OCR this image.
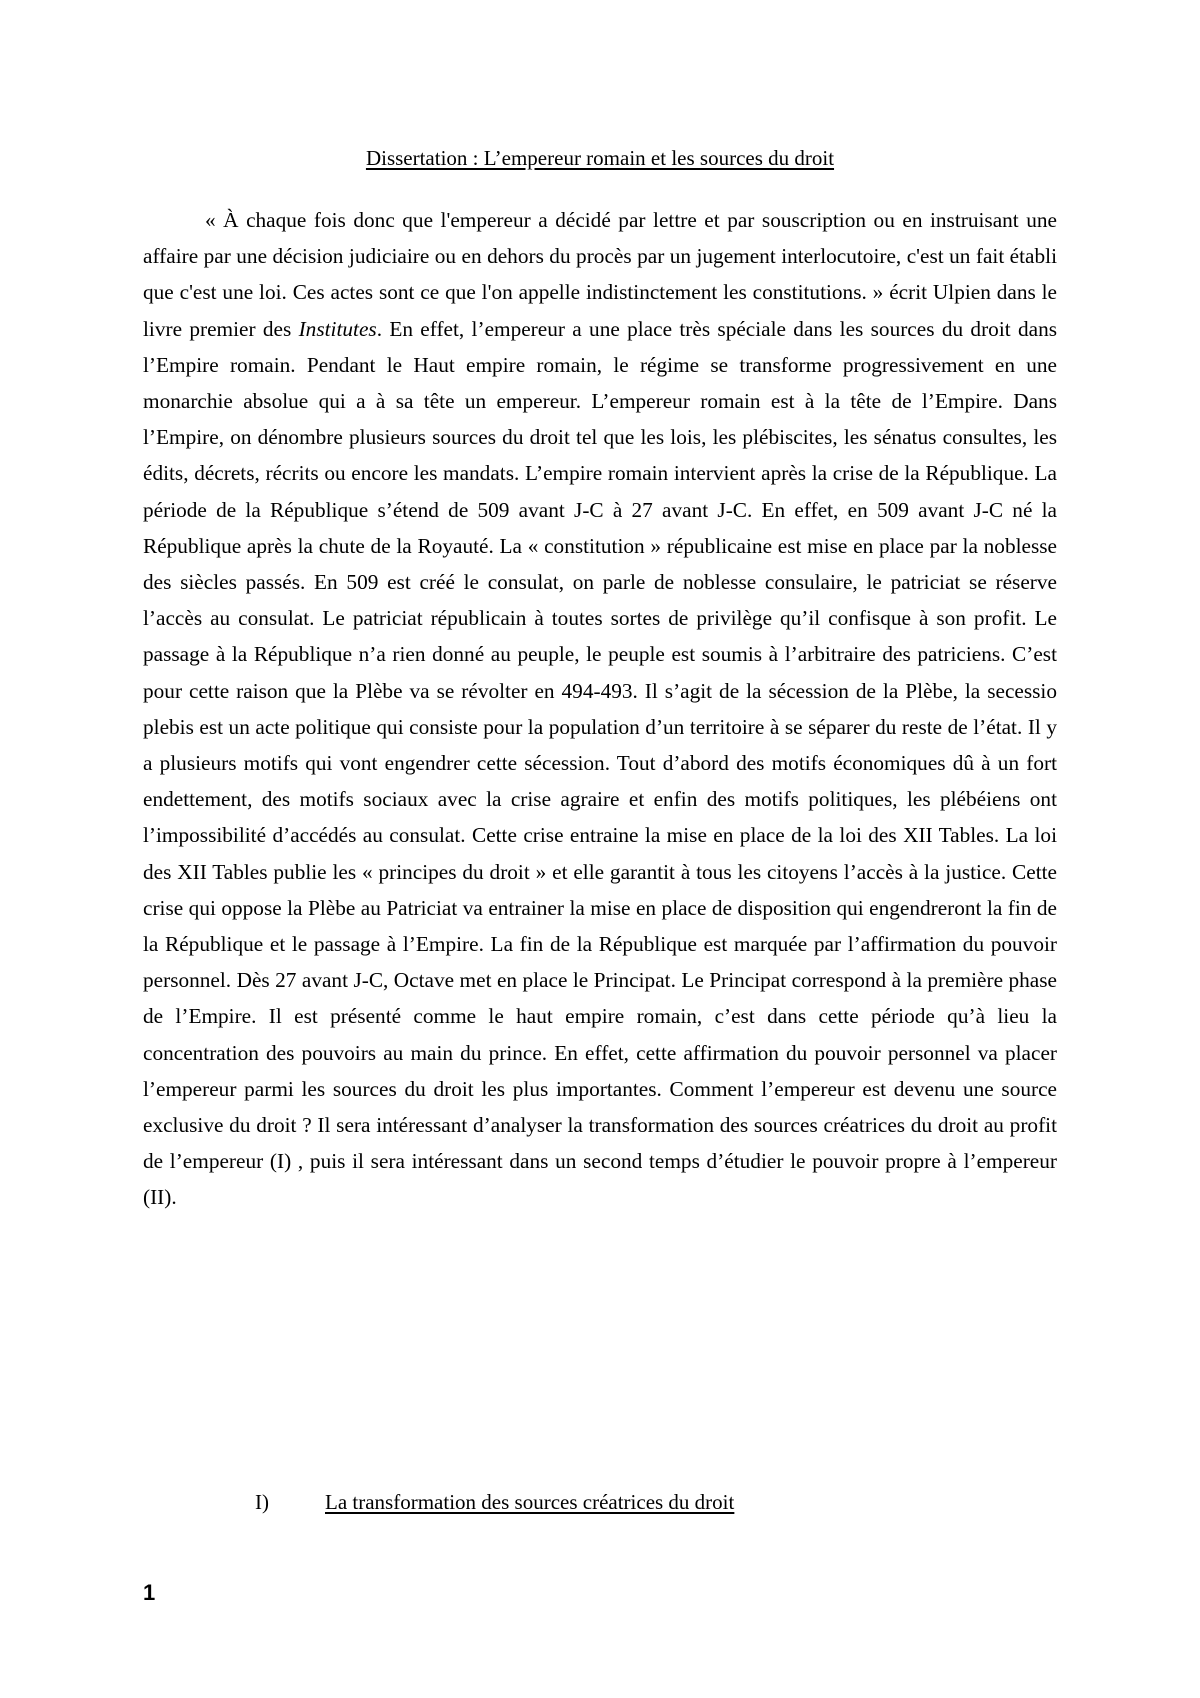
Dissertation : L’empereur romain et les sources du droit

« À chaque fois donc que l'empereur a décidé par lettre et par souscription ou en instruisant une affaire par une décision judiciaire ou en dehors du procès par un jugement interlocutoire, c'est un fait établi que c'est une loi. Ces actes sont ce que l'on appelle indistinctement les constitutions. » écrit Ulpien dans le livre premier des Institutes. En effet, l’empereur a une place très spéciale dans les sources du droit dans l’Empire romain. Pendant le Haut empire romain, le régime se transforme progressivement en une monarchie absolue qui a à sa tête un empereur. L’empereur romain est à la tête de l’Empire. Dans l’Empire, on dénombre plusieurs sources du droit tel que les lois, les plébiscites, les sénatus consultes, les édits, décrets, récrits ou encore les mandats. L’empire romain intervient après la crise de la République. La période de la République s’étend de 509 avant J-C à 27 avant J-C. En effet, en 509 avant J-C né la République après la chute de la Royauté. La « constitution » républicaine est mise en place par la noblesse des siècles passés. En 509 est créé le consulat, on parle de noblesse consulaire, le patriciat se réserve l’accès au consulat. Le patriciat républicain à toutes sortes de privilège qu’il confisque à son profit. Le passage à la République n’a rien donné au peuple, le peuple est soumis à l’arbitraire des patriciens. C’est pour cette raison que la Plèbe va se révolter en 494-493. Il s’agit de la sécession de la Plèbe, la secessio plebis est un acte politique qui consiste pour la population d’un territoire à se séparer du reste de l’état. Il y a plusieurs motifs qui vont engendrer cette sécession. Tout d’abord des motifs économiques dû à un fort endettement, des motifs sociaux avec la crise agraire et enfin des motifs politiques, les plébéiens ont l’impossibilité d’accédés au consulat. Cette crise entraine la mise en place de la loi des XII Tables. La loi des XII Tables publie les « principes du droit » et elle garantit à tous les citoyens l’accès à la justice. Cette crise qui oppose la Plèbe au Patriciat va entrainer la mise en place de disposition qui engendreront la fin de la République et le passage à l’Empire. La fin de la République est marquée par l’affirmation du pouvoir personnel. Dès 27 avant J-C, Octave met en place le Principat. Le Principat correspond à la première phase de l’Empire. Il est présenté comme le haut empire romain, c’est dans cette période qu’à lieu la concentration des pouvoirs au main du prince. En effet, cette affirmation du pouvoir personnel va placer l’empereur parmi les sources du droit les plus importantes. Comment l’empereur est devenu une source exclusive du droit ? Il sera intéressant d’analyser la transformation des sources créatrices du droit au profit de l’empereur (I) , puis il sera intéressant dans un second temps d’étudier le pouvoir propre à l’empereur (II).

I)	La transformation des sources créatrices du droit
1
